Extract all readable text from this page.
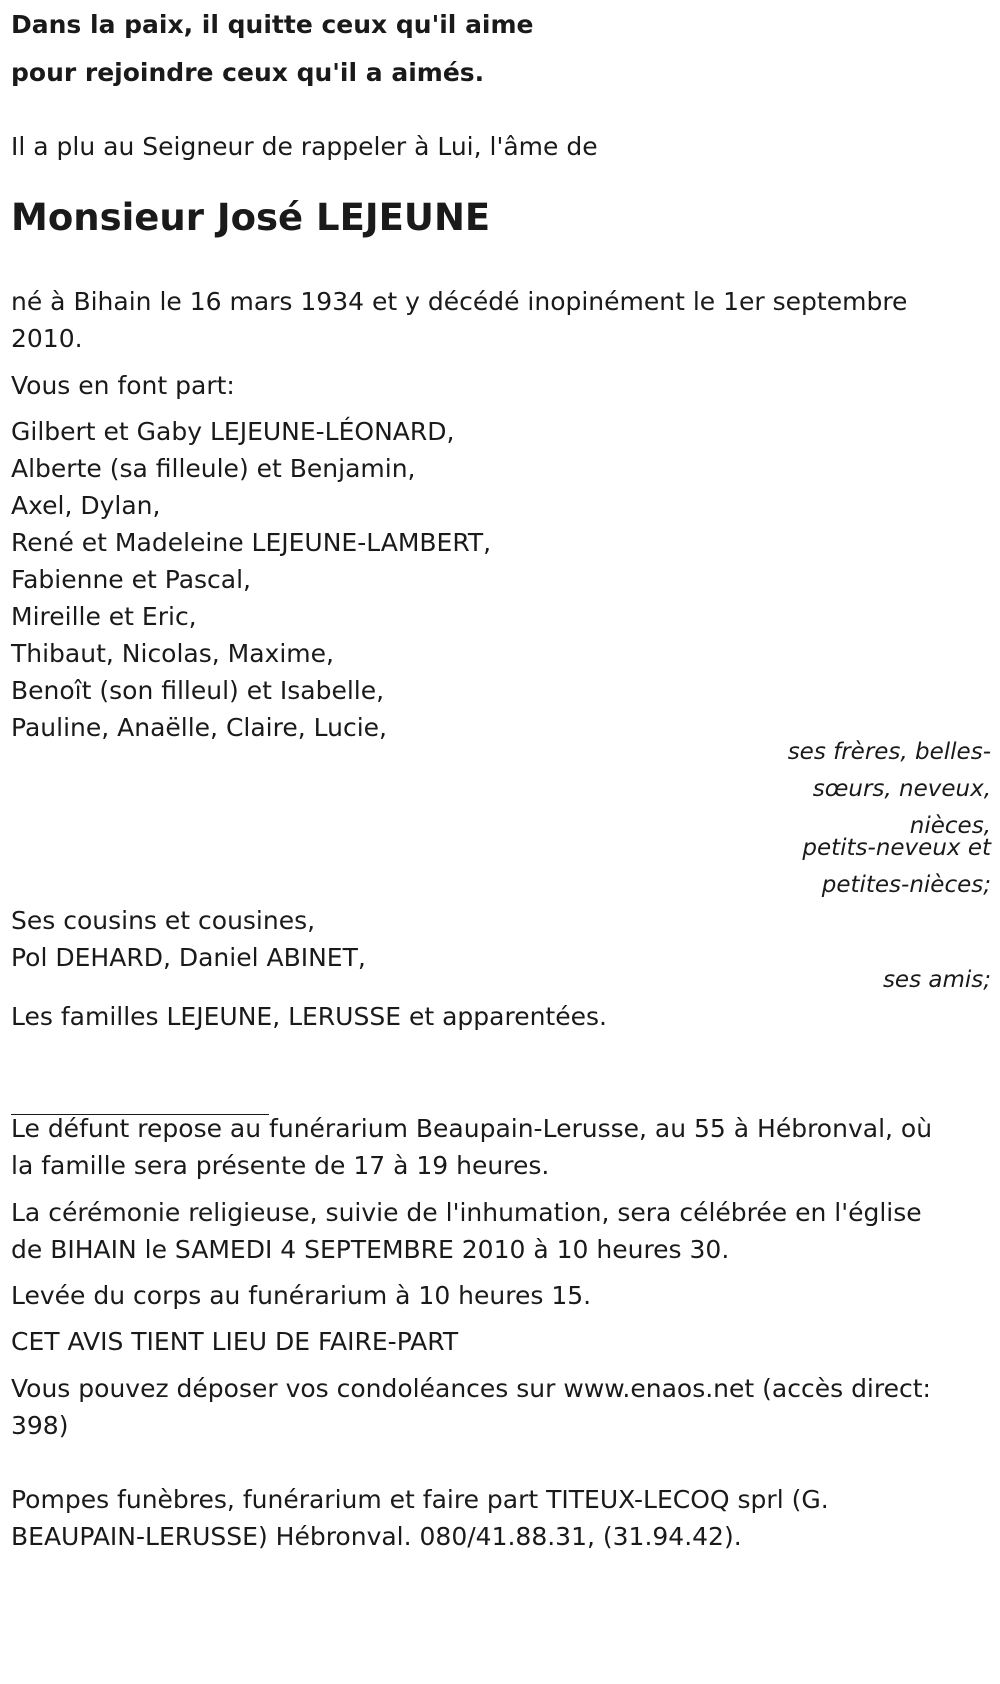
Dans la paix, il quitte ceux qu'il aime
pour rejoindre ceux qu'il a aimés.
Il a plu au Seigneur de rappeler à Lui, l'âme de
Monsieur José LEJEUNE
né à Bihain le 16 mars 1934 et y décédé inopinément le 1er septembre
2010.
Vous en font part:
Gilbert et Gaby LEJEUNE-LÉONARD,
Alberte (sa filleule) et Benjamin,
Axel, Dylan,
René et Madeleine LEJEUNE-LAMBERT,
Fabienne et Pascal,
Mireille et Eric,
Thibaut, Nicolas, Maxime,
Benoît (son filleul) et Isabelle,
Pauline, Anaëlle, Claire, Lucie,
ses frères, belles-
sœurs, neveux,
nièces,
petits-neveux et
petites-nièces;
Ses cousins et cousines,
Pol DEHARD, Daniel ABINET,
ses amis;
Les familles LEJEUNE, LERUSSE et apparentées.
Le défunt repose au funérarium Beaupain-Lerusse, au 55 à Hébronval, où
la famille sera présente de 17 à 19 heures.
La cérémonie religieuse, suivie de l'inhumation, sera célébrée en l'église
de BIHAIN le SAMEDI 4 SEPTEMBRE 2010 à 10 heures 30.
Levée du corps au funérarium à 10 heures 15.
CET AVIS TIENT LIEU DE FAIRE-PART
Vous pouvez déposer vos condoléances sur www.enaos.net (accès direct:
398)
Pompes funèbres, funérarium et faire part TITEUX-LECOQ sprl (G.
BEAUPAIN-LERUSSE) Hébronval. 080/41.88.31, (31.94.42).
